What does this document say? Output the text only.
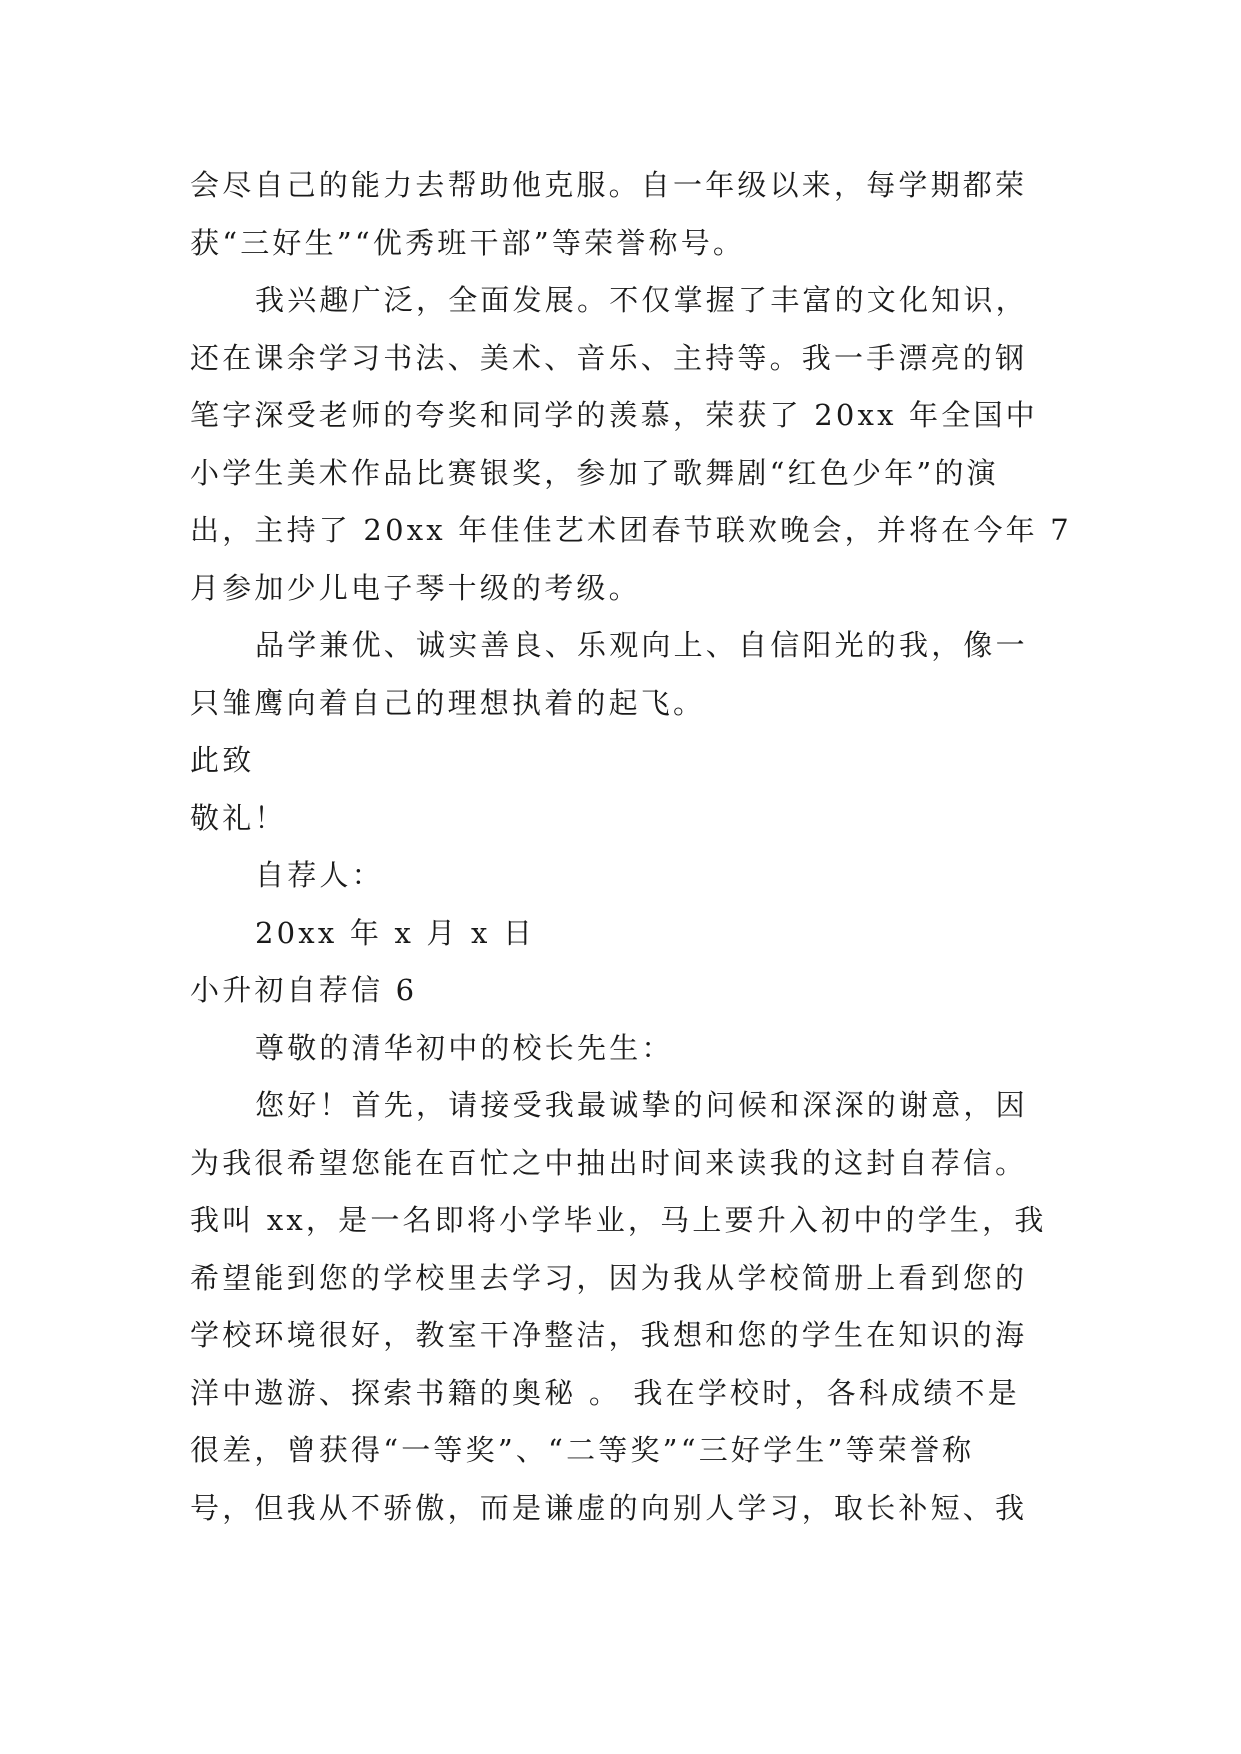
会尽自己的能力去帮助他克服。自一年级以来，每学期都荣
获“三好生”“优秀班干部”等荣誉称号。
我兴趣广泛，全面发展。不仅掌握了丰富的文化知识，
还在课余学习书法、美术、音乐、主持等。我一手漂亮的钢
笔字深受老师的夸奖和同学的羡慕，荣获了 20xx 年全国中
小学生美术作品比赛银奖，参加了歌舞剧“红色少年”的演
出，主持了 20xx 年佳佳艺术团春节联欢晚会，并将在今年 7
月参加少儿电子琴十级的考级。
品学兼优、诚实善良、乐观向上、自信阳光的我，像一
只雏鹰向着自己的理想执着的起飞。
此致
敬礼！
自荐人：
20xx 年 x 月 x 日
小升初自荐信 6
尊敬的清华初中的校长先生：
您好！首先，请接受我最诚挚的问候和深深的谢意，因
为我很希望您能在百忙之中抽出时间来读我的这封自荐信。
我叫 xx，是一名即将小学毕业，马上要升入初中的学生，我
希望能到您的学校里去学习，因为我从学校简册上看到您的
学校环境很好，教室干净整洁，我想和您的学生在知识的海
洋中遨游、探索书籍的奥秘 。 我在学校时，各科成绩不是
很差，曾获得“一等奖”、“二等奖”“三好学生”等荣誉称
号，但我从不骄傲，而是谦虚的向别人学习，取长补短、我
